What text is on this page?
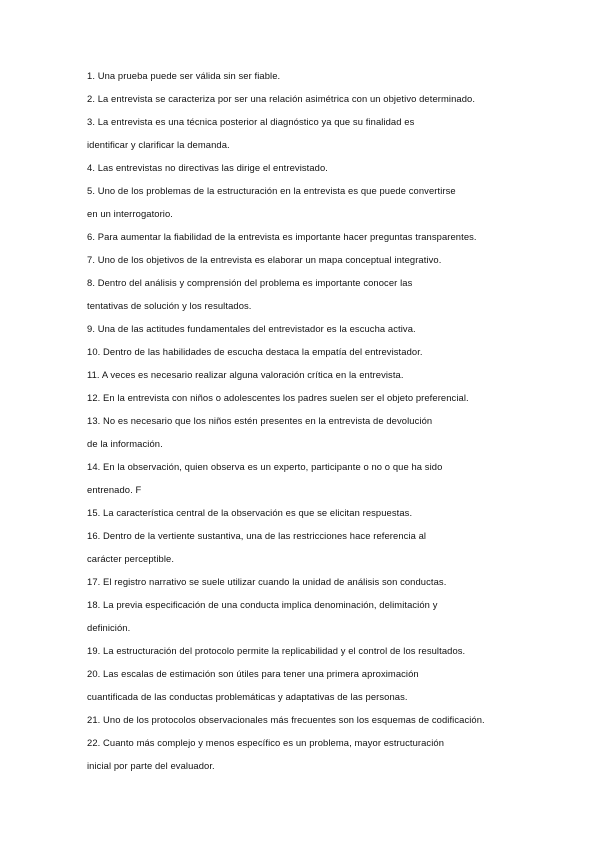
1. Una prueba puede ser válida sin ser fiable.
2. La entrevista se caracteriza por ser una relación asimétrica con un objetivo determinado.
3. La entrevista es una técnica posterior al diagnóstico ya que su finalidad es
identificar y clarificar la demanda.
4. Las entrevistas no directivas las dirige el entrevistado.
5. Uno de los problemas de la estructuración en la entrevista es que puede convertirse
en un interrogatorio.
6. Para aumentar la fiabilidad de la entrevista es importante hacer preguntas transparentes.
7. Uno de los objetivos de la entrevista es elaborar un mapa conceptual integrativo.
8. Dentro del análisis y comprensión del problema es importante conocer las
tentativas de solución y los resultados.
9. Una de las actitudes fundamentales del entrevistador es la escucha activa.
10. Dentro de las habilidades de escucha destaca la empatía del entrevistador.
11. A veces es necesario realizar alguna valoración crítica en la entrevista.
12. En la entrevista con niños o adolescentes los padres suelen ser el objeto preferencial.
13. No es necesario que los niños estén presentes en la entrevista de devolución
de la información.
14. En la observación, quien observa es un experto, participante o no o que ha sido
entrenado. F
15. La característica central de la observación es que se elicitan respuestas.
16. Dentro de la vertiente sustantiva, una de las restricciones hace referencia al
carácter perceptible.
17. El registro narrativo se suele utilizar cuando la unidad de análisis son conductas.
18. La previa especificación de una conducta implica denominación, delimitación y
definición.
19. La estructuración del protocolo permite la replicabilidad y el control de los resultados.
20. Las escalas de estimación son útiles para tener una primera aproximación
cuantificada de las conductas problemáticas y adaptativas de las personas.
21. Uno de los protocolos observacionales más frecuentes son los esquemas de codificación.
22. Cuanto más complejo y menos específico es un problema, mayor estructuración
inicial por parte del evaluador.
